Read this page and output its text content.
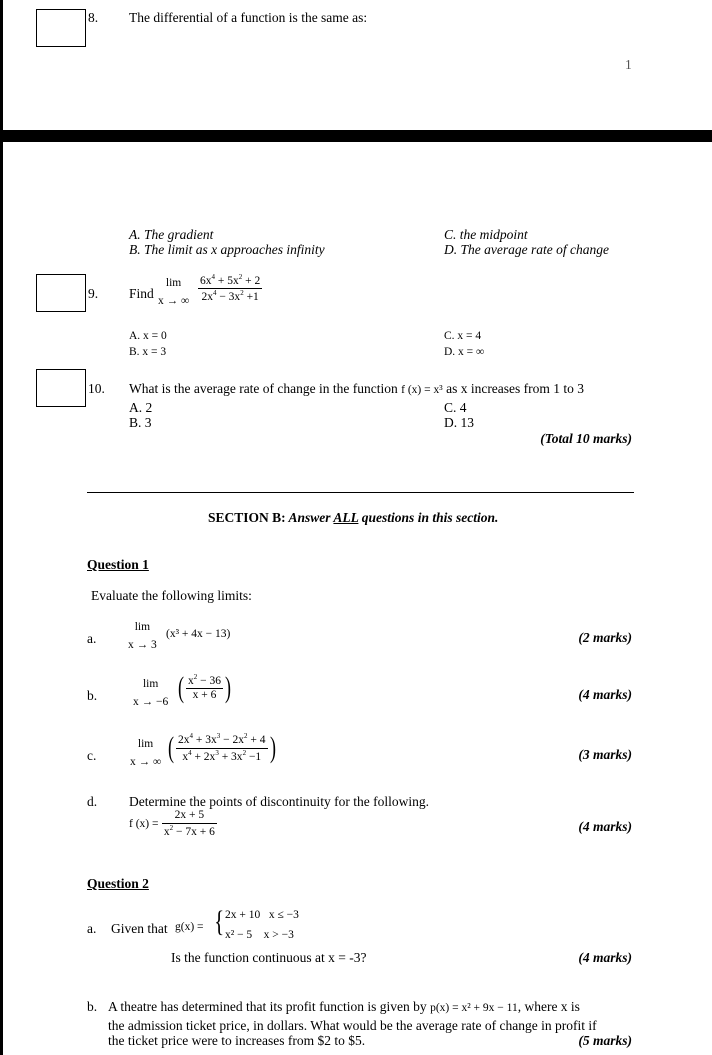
8. The differential of a function is the same as:
1
A. The gradient
B. The limit as x approaches infinity
C. the midpoint
D. The average rate of change
9. Find
lim
x → ∞ $\frac{6x^4 + 5x^2 + 2}{2x^4 - 3x^2 +1}$
A. x = 0
B. x = 3
C. x = 4
D. x = ∞
10. What is the average rate of change in the function f (x) = x³ as x increases from 1 to 3
A. 2
B. 3
C. 4
D. 13
(Total 10 marks)
SECTION B: Answer ALL questions in this section.
Question 1
Evaluate the following limits:
a.
lim
x → 3
(x³ + 4x − 13)	(2 marks)
b.
lim
x → −6 ( $\frac{x^2 - 36}{x + 6}$ )	(4 marks)
c.
lim
x → ∞ ( $\frac{2x^4 + 3x^3 - 2x^2 + 4}{x^4 + 2x^3 + 3x^2 -1}$ )	(3 marks)
d. Determine the points of discontinuity for the following.
f $(x) = \frac{2x + 5}{x^2 - 7x + 6}$	(4 marks)
Question 2
a. Given that g(x) = { 2x + 10   x ≤ −3
x² − 5    x > −3
Is the function continuous at x = -3?	(4 marks)
b. A theatre has determined that its profit function is given by p(x) = x² + 9x − 11, where x is
the admission ticket price, in dollars. What would be the average rate of change in profit if
the ticket price were to increases from $2 to $5.	(5 marks)
